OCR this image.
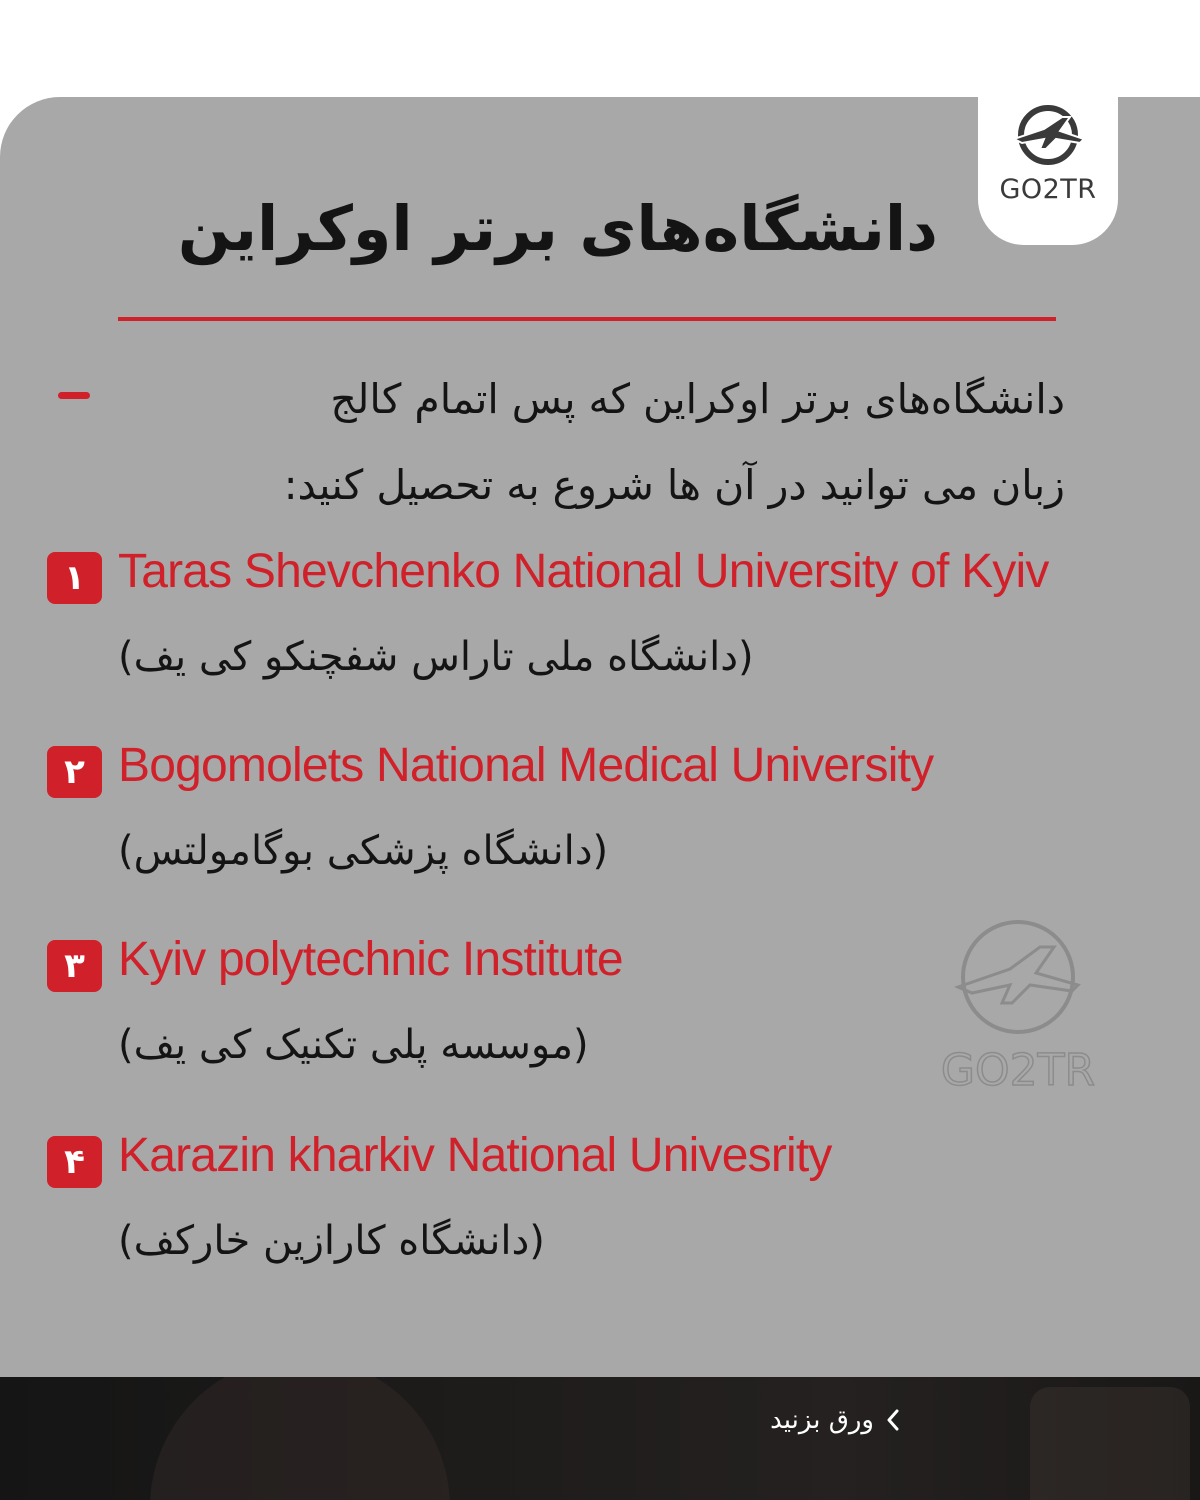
GO2TR
دانشگاه‌های برتر اوکراین
دانشگاه‌های برتر اوکراین که پس اتمام کالج
زبان می توانید در آن ها شروع به تحصیل کنید:
۱ Taras Shevchenko National University of Kyiv
(دانشگاه ملی تاراس شفچنکو کی یف)
۲ Bogomolets National Medical University
(دانشگاه پزشکی بوگامولتس)
۳ Kyiv polytechnic Institute
(موسسه پلی تکنیک کی یف)
۴ Karazin kharkiv National Univesrity
(دانشگاه کارازین خارکف)
GO2TR
ورق بزنید
